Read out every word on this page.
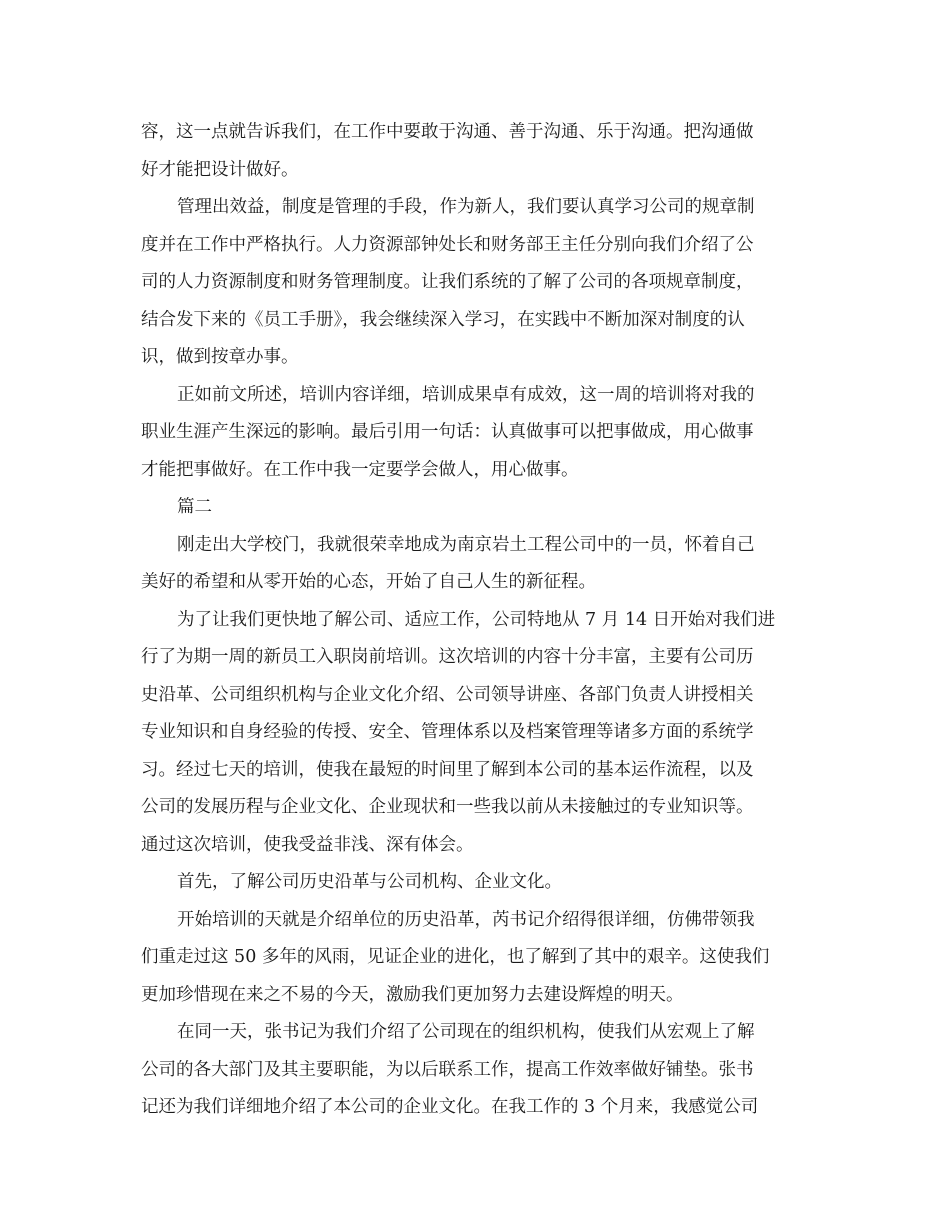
容，这一点就告诉我们，在工作中要敢于沟通、善于沟通、乐于沟通。把沟通做
好才能把设计做好。
管理出效益，制度是管理的手段，作为新人，我们要认真学习公司的规章制
度并在工作中严格执行。人力资源部钟处长和财务部王主任分别向我们介绍了公
司的人力资源制度和财务管理制度。让我们系统的了解了公司的各项规章制度，
结合发下来的《员工手册》，我会继续深入学习，在实践中不断加深对制度的认
识，做到按章办事。
正如前文所述，培训内容详细，培训成果卓有成效，这一周的培训将对我的
职业生涯产生深远的影响。最后引用一句话：认真做事可以把事做成，用心做事
才能把事做好。在工作中我一定要学会做人，用心做事。
篇二
刚走出大学校门，我就很荣幸地成为南京岩土工程公司中的一员，怀着自己
美好的希望和从零开始的心态，开始了自己人生的新征程。
为了让我们更快地了解公司、适应工作，公司特地从 7 月 14 日开始对我们进
行了为期一周的新员工入职岗前培训。这次培训的内容十分丰富，主要有公司历
史沿革、公司组织机构与企业文化介绍、公司领导讲座、各部门负责人讲授相关
专业知识和自身经验的传授、安全、管理体系以及档案管理等诸多方面的系统学
习。经过七天的培训，使我在最短的时间里了解到本公司的基本运作流程，以及
公司的发展历程与企业文化、企业现状和一些我以前从未接触过的专业知识等。
通过这次培训，使我受益非浅、深有体会。
首先，了解公司历史沿革与公司机构、企业文化。
开始培训的天就是介绍单位的历史沿革，芮书记介绍得很详细，仿佛带领我
们重走过这 50 多年的风雨，见证企业的进化，也了解到了其中的艰辛。这使我们
更加珍惜现在来之不易的今天，激励我们更加努力去建设辉煌的明天。
在同一天，张书记为我们介绍了公司现在的组织机构，使我们从宏观上了解
公司的各大部门及其主要职能，为以后联系工作，提高工作效率做好铺垫。张书
记还为我们详细地介绍了本公司的企业文化。在我工作的 3 个月来，我感觉公司
